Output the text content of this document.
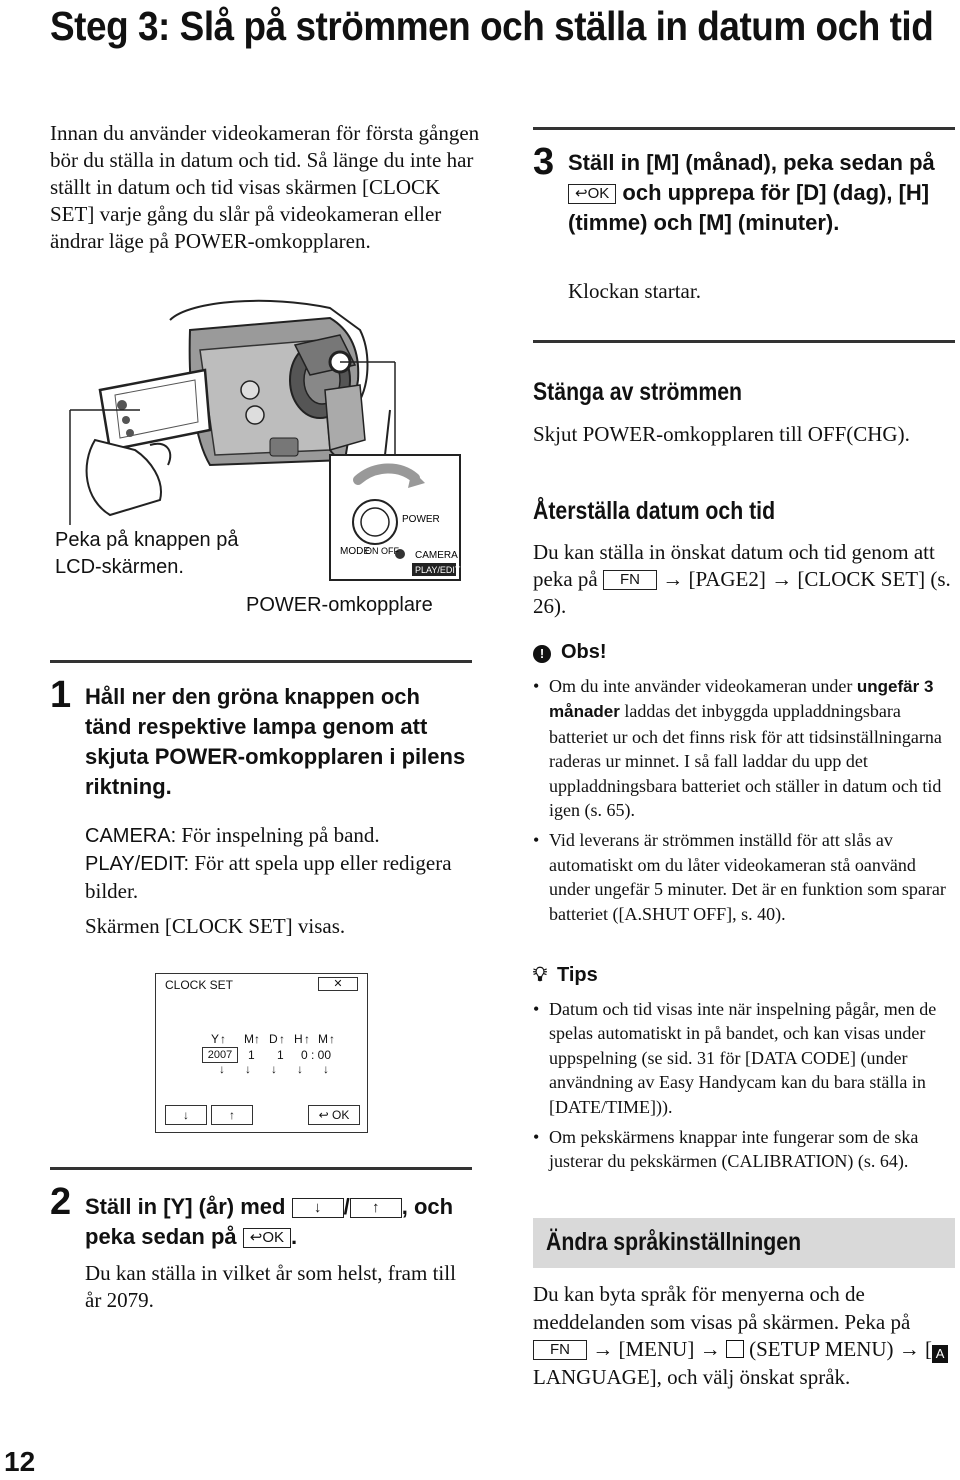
Steg 3: Slå på strömmen och ställa in datum och tid
Innan du använder videokameran för första gången bör du ställa in datum och tid. Så länge du inte har ställt in datum och tid visas skärmen [CLOCK SET] varje gång du slår på videokameran eller ändrar läge på POWER-omkopplaren.
POWER
MODE
ON OFF CAMERA
PLAY/EDIT
Peka på knappen på LCD-skärmen.
POWER-omkopplare
1 Håll ner den gröna knappen och tänd respektive lampa genom att skjuta POWER-omkopplaren i pilens riktning.
CAMERA: För inspelning på band.
PLAY/EDIT: För att spela upp eller redigera bilder.
Skärmen [CLOCK SET] visas.
CLOCK SET	✕
Y ↑ M ↑ D ↑ H ↑ M ↑
2007	1 1 0 : 00
↓↓↓↓↓
↓	↑	↩ OK
2 Ställ in [Y] (år) med ↓ / ↑ , och peka sedan på ↩OK .
Du kan ställa in vilket år som helst, fram till år 2079.
3 Ställ in [M] (månad), peka sedan på ↩OK och upprepa för [D] (dag), [H] (timme) och [M] (minuter).
Klockan startar.
Stänga av strömmen
Skjut POWER-omkopplaren till OFF(CHG).
Återställa datum och tid
Du kan ställa in önskat datum och tid genom att peka på FN → [PAGE2] → [CLOCK SET] (s. 26).
! Obs!
• Om du inte använder videokameran under ungefär 3 månader laddas det inbyggda uppladdningsbara batteriet ur och det finns risk för att tidsinställningarna raderas ur minnet. I så fall laddar du upp det uppladdningsbara batteriet och ställer in datum och tid igen (s. 65).
• Vid leverans är strömmen inställd för att slås av automatiskt om du låter videokameran stå oanvänd under ungefär 5 minuter. Det är en funktion som sparar batteriet ([A.SHUT OFF], s. 40).
💡︎ Tips
• Datum och tid visas inte när inspelning pågår, men de spelas automatiskt in på bandet, och kan visas under uppspelning (se sid. 31 för [DATA CODE] (under användning av Easy Handycam kan du bara ställa in [DATE/TIME])).
• Om pekskärmens knappar inte fungerar som de ska justerar du pekskärmen (CALIBRATION) (s. 64).
Ändra språkinställningen
Du kan byta språk för menyerna och de meddelanden som visas på skärmen. Peka på FN → [MENU] →  (SETUP MENU) → [ A LANGUAGE], och välj önskat språk.
12
